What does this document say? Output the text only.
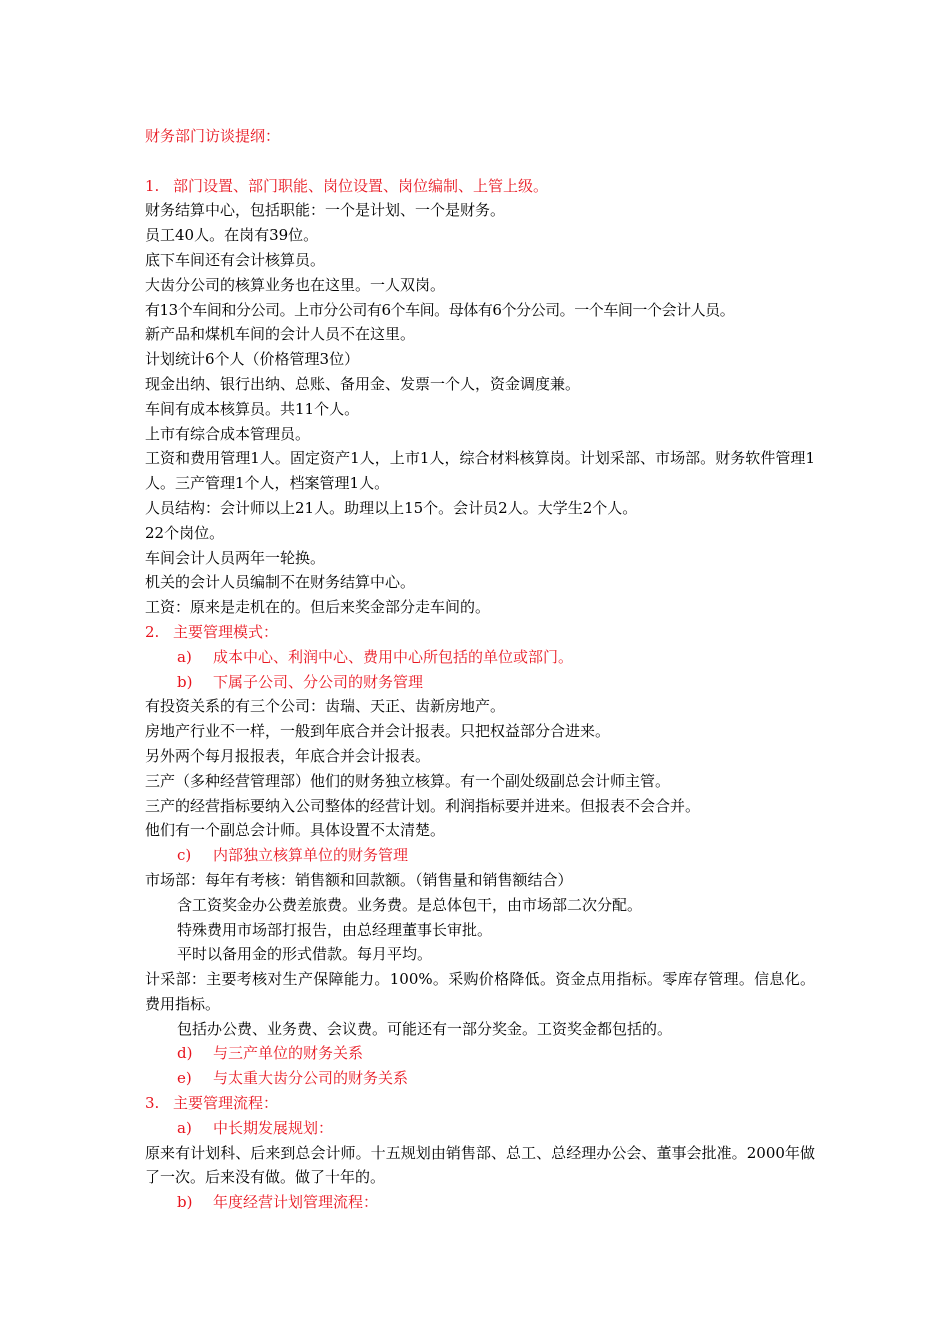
财务部门访谈提纲：
1. 部门设置、部门职能、岗位设置、岗位编制、上管上级。
财务结算中心，包括职能：一个是计划、一个是财务。
员工40人。在岗有39位。
底下车间还有会计核算员。
大齿分公司的核算业务也在这里。一人双岗。
有13个车间和分公司。上市分公司有6个车间。母体有6个分公司。一个车间一个会计人员。
新产品和煤机车间的会计人员不在这里。
计划统计6个人（价格管理3位）
现金出纳、银行出纳、总账、备用金、发票一个人，资金调度兼。
车间有成本核算员。共11个人。
上市有综合成本管理员。
工资和费用管理1人。固定资产1人，上市1人，综合材料核算岗。计划采部、市场部。财务软件管理1人。三产管理1个人，档案管理1人。
人员结构：会计师以上21人。助理以上15个。会计员2人。大学生2个人。
22个岗位。
车间会计人员两年一轮换。
机关的会计人员编制不在财务结算中心。
工资：原来是走机在的。但后来奖金部分走车间的。
2. 主要管理模式：
a) 成本中心、利润中心、费用中心所包括的单位或部门。
b) 下属子公司、分公司的财务管理
有投资关系的有三个公司：齿瑞、天正、齿新房地产。
房地产行业不一样，一般到年底合并会计报表。只把权益部分合进来。
另外两个每月报报表，年底合并会计报表。
三产（多种经营管理部）他们的财务独立核算。有一个副处级副总会计师主管。
三产的经营指标要纳入公司整体的经营计划。利润指标要并进来。但报表不会合并。
他们有一个副总会计师。具体设置不太清楚。
c) 内部独立核算单位的财务管理
市场部：每年有考核：销售额和回款额。（销售量和销售额结合）
含工资奖金办公费差旅费。业务费。是总体包干，由市场部二次分配。
特殊费用市场部打报告，由总经理董事长审批。
平时以备用金的形式借款。每月平均。
计采部：主要考核对生产保障能力。100%。采购价格降低。资金点用指标。零库存管理。信息化。费用指标。
包括办公费、业务费、会议费。可能还有一部分奖金。工资奖金都包括的。
d) 与三产单位的财务关系
e) 与太重大齿分公司的财务关系
3. 主要管理流程：
a) 中长期发展规划：
原来有计划科、后来到总会计师。十五规划由销售部、总工、总经理办公会、董事会批准。2000年做了一次。后来没有做。做了十年的。
b) 年度经营计划管理流程：
